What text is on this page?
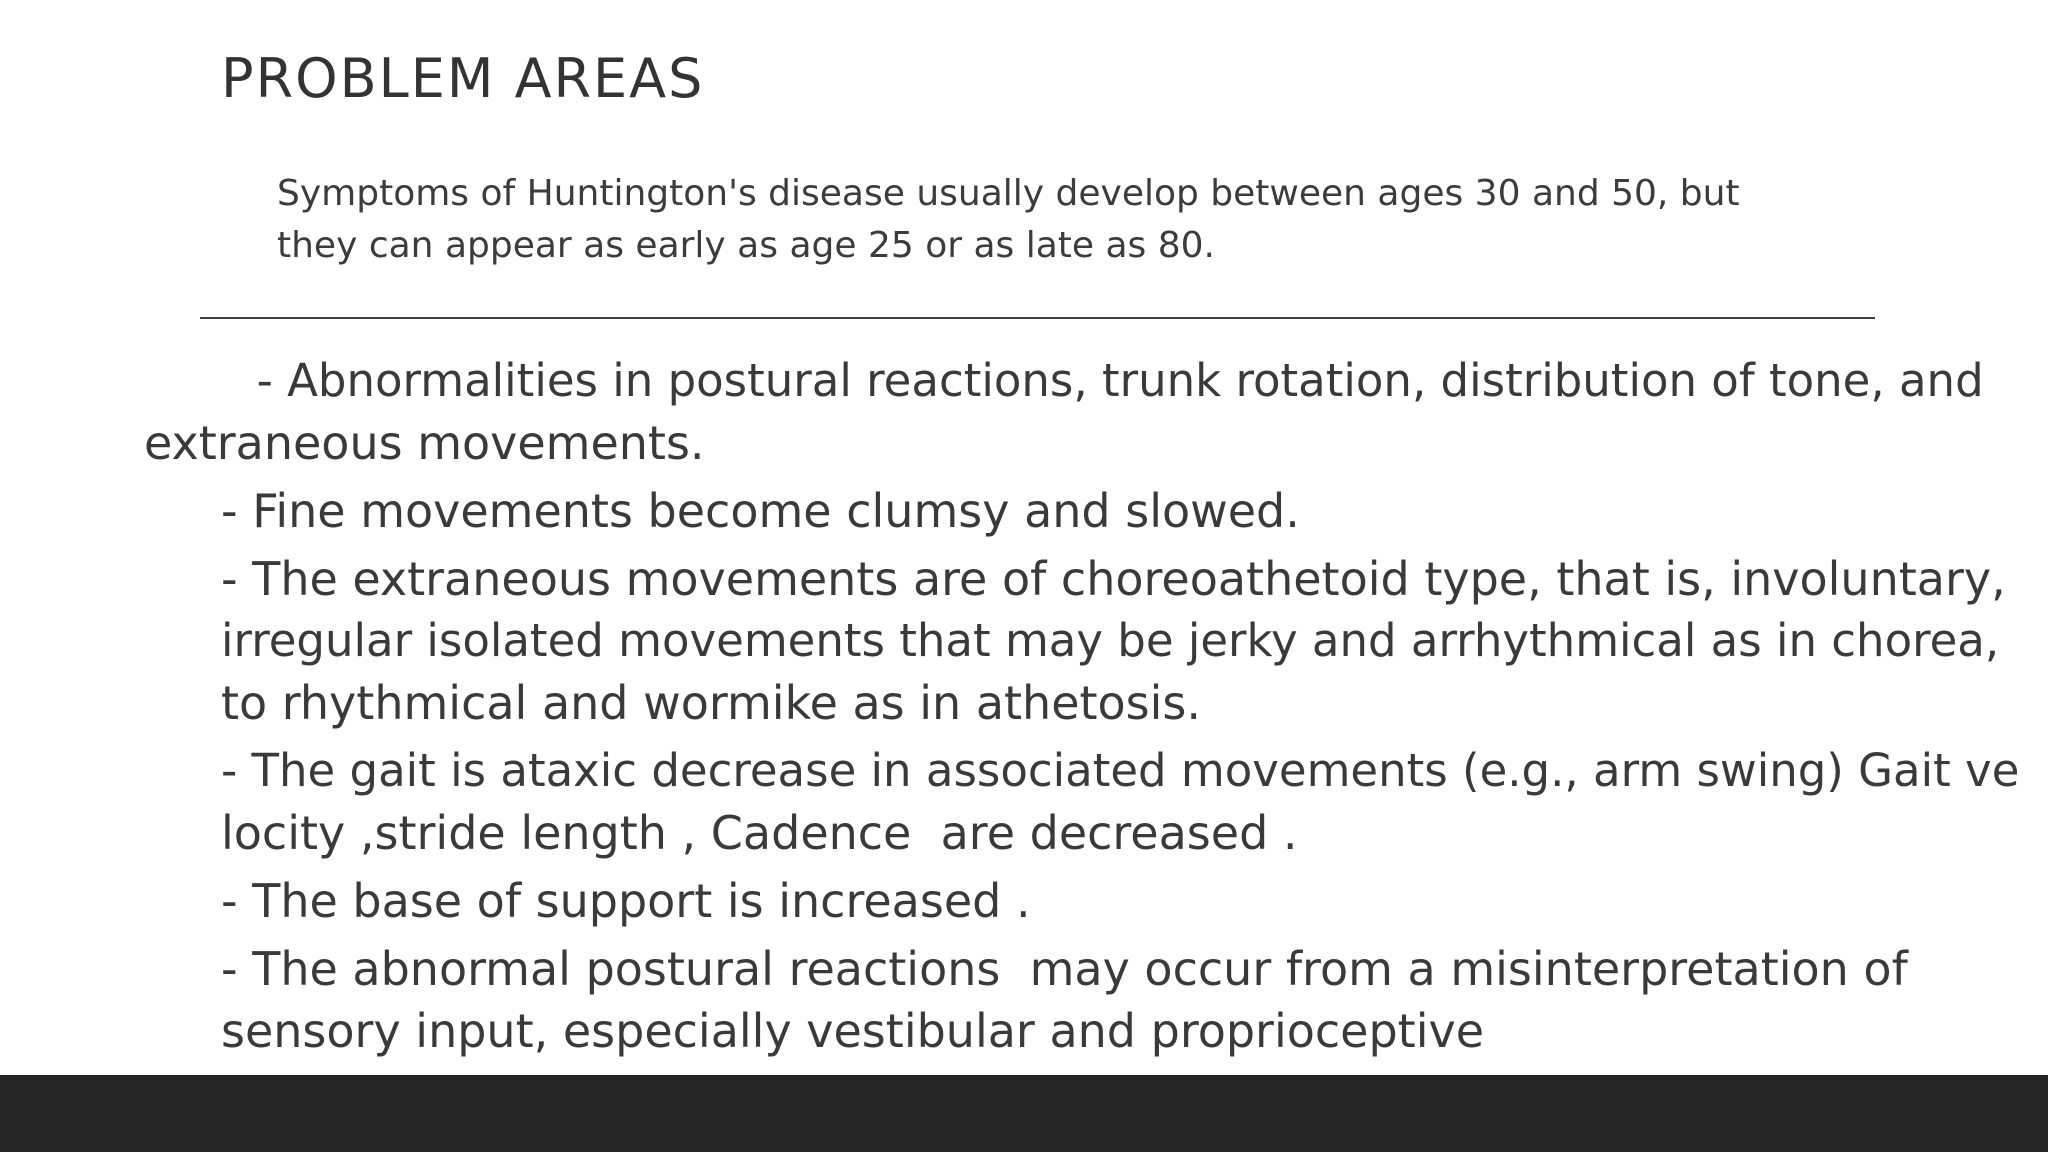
PROBLEM AREAS
Symptoms of Huntington's disease usually develop between ages 30 and 50, but
they can appear as early as age 25 or as late as 80.
- Abnormalities in postural reactions, trunk rotation, distribution of tone, and
extraneous movements.
- Fine movements become clumsy and slowed.
- The extraneous movements are of choreoathetoid type, that is, involuntary,
irregular isolated movements that may be jerky and arrhythmical as in chorea,
to rhythmical and wormike as in athetosis.
- The gait is ataxic decrease in associated movements (e.g., arm swing) Gait ve
locity ,stride length , Cadence  are decreased .
- The base of support is increased .
- The abnormal postural reactions  may occur from a misinterpretation of
sensory input, especially vestibular and proprioceptive
